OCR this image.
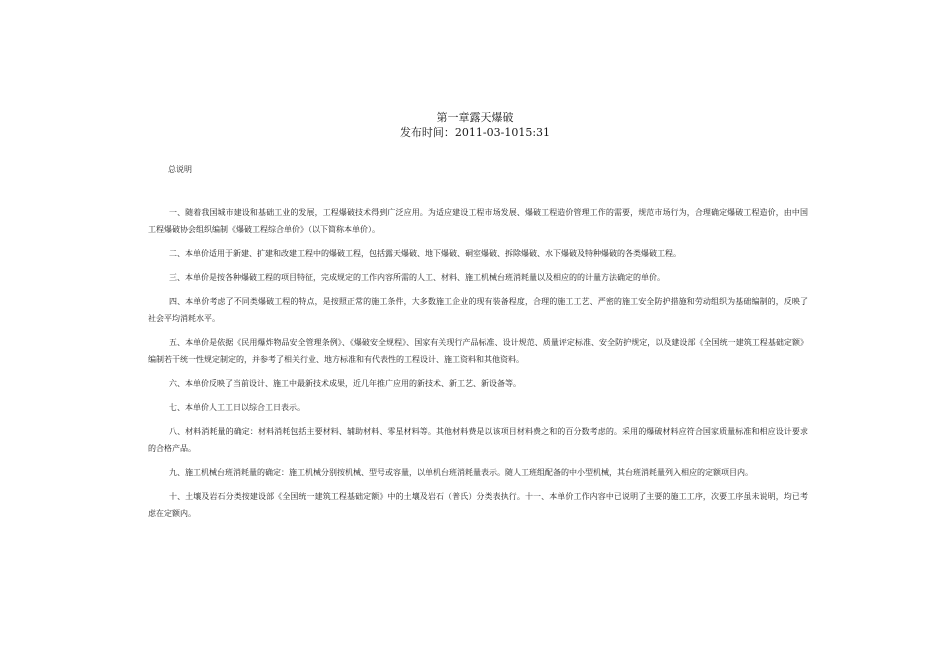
第一章露天爆破
发布时间：2011-03-1015:31
总说明

一、随着我国城市建设和基础工业的发展，工程爆破技术得到广泛应用。为适应建设工程市场发展、爆破工程造价管理工作的需要，规范市场行为，合理确定爆破工程造价，由中国工程爆破协会组织编制《爆破工程综合单价》（以下简称本单价）。

二、本单价适用于新建、扩建和改建工程中的爆破工程，包括露天爆破、地下爆破、硐室爆破、拆除爆破、水下爆破及特种爆破的各类爆破工程。

三、本单价是按各种爆破工程的项目特征，完成规定的工作内容所需的人工、材料、施工机械台班消耗量以及相应的的计量方法确定的单价。

四、本单价考虑了不同类爆破工程的特点，是按照正常的施工条件，大多数施工企业的现有装备程度，合理的施工工艺、严密的施工安全防护措施和劳动组织为基础编制的，反映了社会平均消耗水平。

五、本单价是依据《民用爆炸物品安全管理条例》、《爆破安全规程》、国家有关现行产品标准、设计规范、质量评定标准、安全防护规定，以及建设部《全国统一建筑工程基础定额》编制若干统一性规定制定的，并参考了相关行业、地方标准和有代表性的工程设计、施工资料和其他资料。

六、本单价反映了当前设计、施工中最新技术成果，近几年推广应用的新技术、新工艺、新设备等。

七、本单价人工工日以综合工日表示。

八、材料消耗量的确定：材料消耗包括主要材料、辅助材料、零星材料等。其他材料费是以该项目材料费之和的百分数考虑的。采用的爆破材料应符合国家质量标准和相应设计要求的合格产品。

九、施工机械台班消耗量的确定：施工机械分别按机械、型号或容量，以单机台班消耗量表示。随人工班组配备的中小型机械，其台班消耗量列入相应的定额项目内。

十、土壤及岩石分类按建设部《全国统一建筑工程基础定额》中的土壤及岩石（普氏）分类表执行。十一、本单价工作内容中已说明了主要的施工工序，次要工序虽未说明，均已考虑在定额内。
